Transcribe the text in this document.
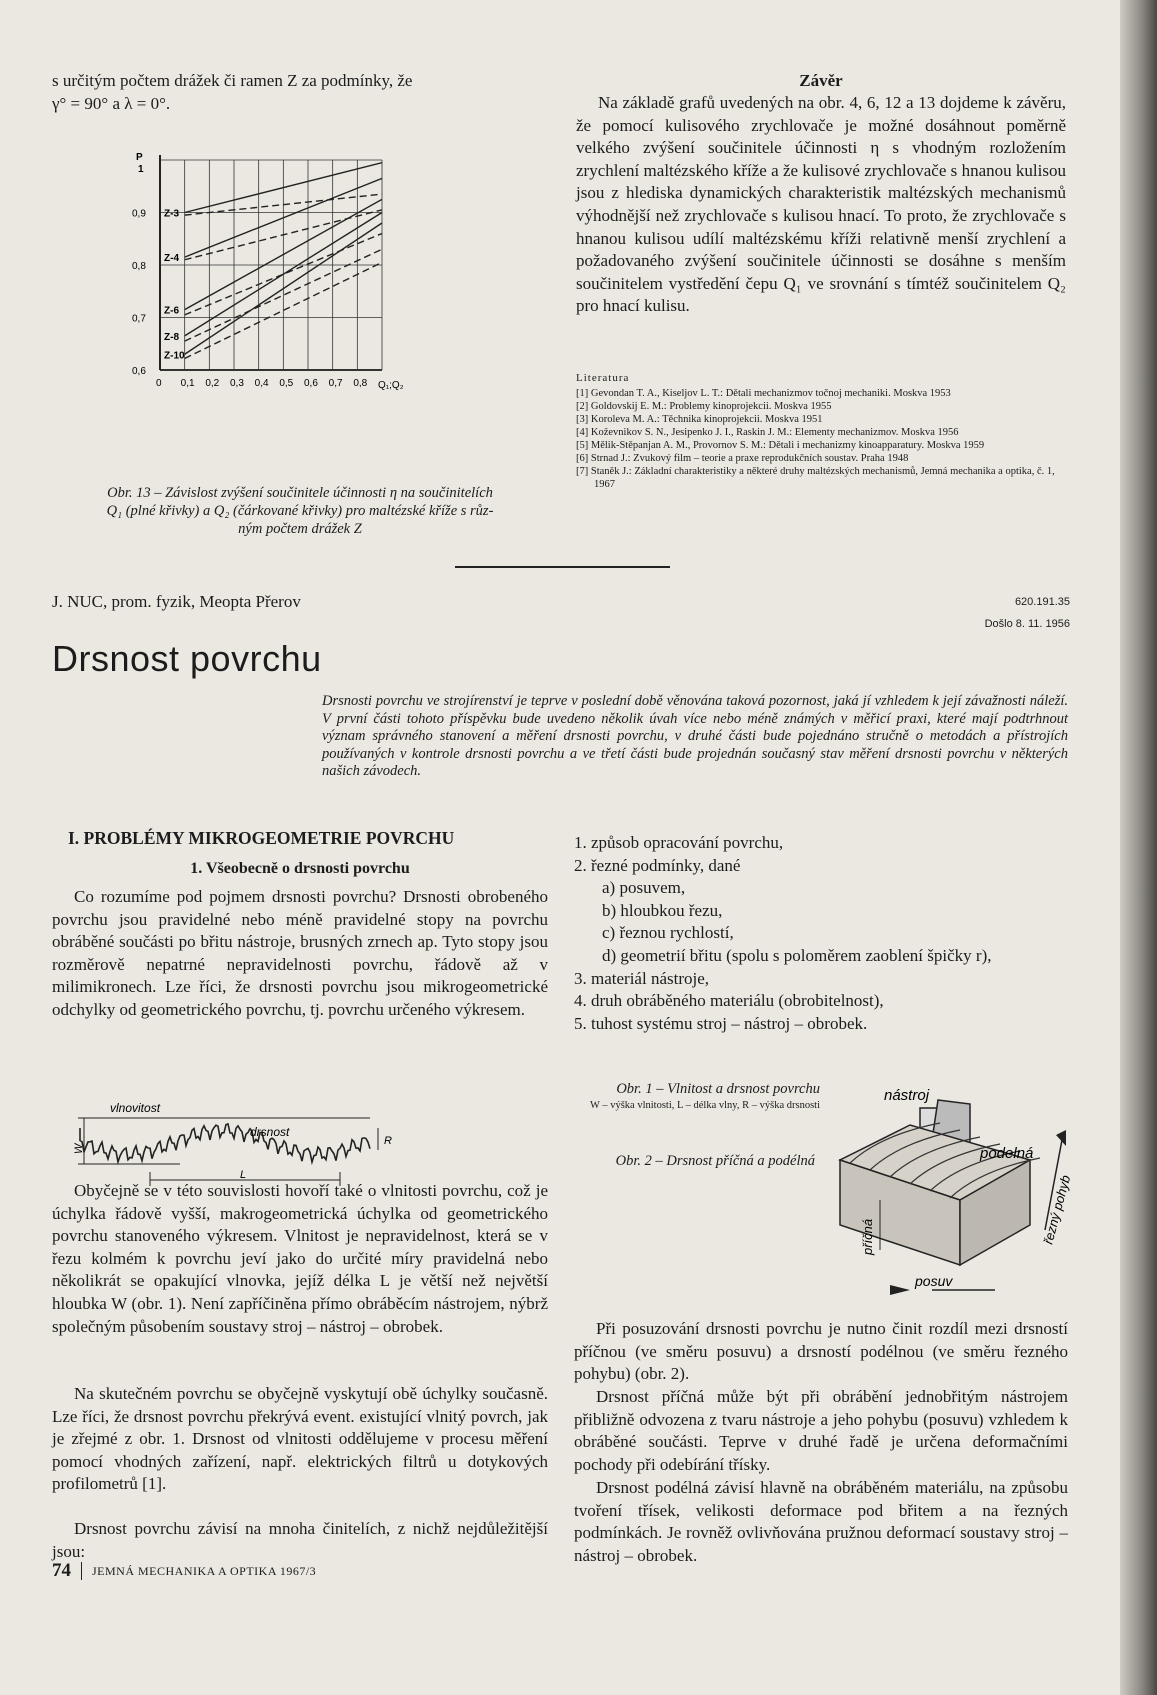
s určitým počtem drážek či ramen Z za podmínky, že
γ° = 90° a λ = 0°.
Z-3
Z-4
Z-6
Z-8
Z-10
0 0,1 0,2 0,3 0,4 0,5 0,6 0,7 0,8 Q₁;Q₂
0,9
0,8
0,7
0,6
P
1
Obr. 13 – Závislost zvýšení součinitele účinnosti η na součinitelích
Q₁ (plné křivky) a Q₂ (čárkované křivky) pro maltézské kříže s růz-
ným počtem drážek Z
Závěr

Na základě grafů uvedených na obr. 4, 6, 12 a 13 dojdeme k závěru, že pomocí kulisového zrychlovače je možné dosáhnout poměrně velkého zvýšení součinitele účinnosti η s vhodným rozložením zrychlení maltézského kříže a že kulisové zrychlovače s hnanou kulisou jsou z hlediska dynamických charakteristik maltézských mechanismů výhodnější než zrychlovače s kulisou hnací. To proto, že zrychlovače s hnanou kulisou udílí maltézskému kříži relativně menší zrychlení a požadovaného zvýšení součinitele účinnosti se dosáhne s menším součinitelem vystředění čepu Q₁ ve srovnání s tímtéž součinitelem Q₂ pro hnací kulisu.

Literatura
[1] Gevondan T. A., Kiseljov L. T.: Dětali mechanizmov točnoj mechaniki. Moskva 1953
[2] Goldovskij E. M.: Problemy kinoprojekcii. Moskva 1955
[3] Koroleva M. A.: Těchnika kinoprojekcii. Moskva 1951
[4] Koževnikov S. N., Jesipenko J. I., Raskin J. M.: Elementy mechanizmov. Moskva 1956
[5] Mělik-Stěpanjan A. M., Provornov S. M.: Dětali i mechanizmy kinoapparatury. Moskva 1959
[6] Strnad J.: Zvukový film – teorie a praxe reprodukčních soustav. Praha 1948
[7] Staněk J.: Základní charakteristiky a některé druhy maltézských mechanismů, Jemná mechanika a optika, č. 1, 1967
J. NUC, prom. fyzik, Meopta Přerov	620.191.35
Došlo 8. 11. 1956
Drsnost povrchu
Drsnosti povrchu ve strojírenství je teprve v poslední době věnována taková pozornost, jaká jí vzhledem k její závažnosti náleží. V první části tohoto příspěvku bude uvedeno několik úvah více nebo méně známých v měřicí praxi, které mají podtrhnout význam správného stanovení a měření drsnosti povrchu, v druhé části bude pojednáno stručně o metodách a přístrojích používaných v kontrole drsnosti povrchu a ve třetí části bude projednán současný stav měření drsnosti povrchu v některých našich závodech.
I. PROBLÉMY MIKROGEOMETRIE POVRCHU
1. Všeobecně o drsnosti povrchu

Co rozumíme pod pojmem drsnosti povrchu? Drsnosti obrobeného povrchu jsou pravidelné nebo méně pravidelné stopy na povrchu obráběné součásti po břitu nástroje, brusných zrnech ap. Tyto stopy jsou rozměrově nepatrné nepravidelnosti povrchu, řádově až v milimikronech. Lze říci, že drsnosti povrchu jsou mikrogeometrické odchylky od geometrického povrchu, tj. povrchu určeného výkresem.

Obr. 1 – Vlnitost a drsnost povrchu
W – výška vlnitosti, L – délka vlny, R – výška drsnosti
W
vlnovitost
drsnost
L
R
Obr. 2 – Drsnost příčná a podélná

Obyčejně se v této souvislosti hovoří také o vlnitosti povrchu, což je úchylka řádově vyšší, makrogeometrická úchylka od geometrického povrchu stanoveného výkresem. Vlnitost je nepravidelnost, která se v řezu kolmém k povrchu jeví jako do určité míry pravidelná nebo několikrát se opakující vlnovka, jejíž délka L je větší než největší hloubka W (obr. 1). Není zapříčiněna přímo obráběcím nástrojem, nýbrž společným působením soustavy stroj – nástroj – obrobek.

Na skutečném povrchu se obyčejně vyskytují obě úchylky současně. Lze říci, že drsnost povrchu překrývá event. existující vlnitý povrch, jak je zřejmé z obr. 1. Drsnost od vlnitosti oddělujeme v procesu měření pomocí vhodných zařízení, např. elektrických filtrů u dotykových profilometrů [1].

Drsnost povrchu závisí na mnoha činitelích, z nichž nejdůležitější jsou:

1. způsob opracování povrchu,
2. řezné podmínky, dané
a) posuvem,
b) hloubkou řezu,
c) řeznou rychlostí,
d) geometrií břitu (spolu s poloměrem zaoblení špičky r),
3. materiál nástroje,
4. druh obráběného materiálu (obrobitelnost),
5. tuhost systému stroj – nástroj – obrobek.
nástroj
podelná
příčná
posuv
řezný pohyb

Při posuzování drsnosti povrchu je nutno činit rozdíl mezi drsností příčnou (ve směru posuvu) a drsností podélnou (ve směru řezného pohybu) (obr. 2).

Drsnost příčná může být při obrábění jednobřitým nástrojem přibližně odvozena z tvaru nástroje a jeho pohybu (posuvu) vzhledem k obráběné součásti. Teprve v druhé řadě je určena deformačními pochody při odebírání třísky.

Drsnost podélná závisí hlavně na obráběném materiálu, na způsobu tvoření třísek, velikosti deformace pod břitem a na řezných podmínkách. Je rovněž ovlivňována pružnou deformací soustavy stroj – nástroj – obrobek.

74 JEMNÁ MECHANIKA A OPTIKA 1967/3
